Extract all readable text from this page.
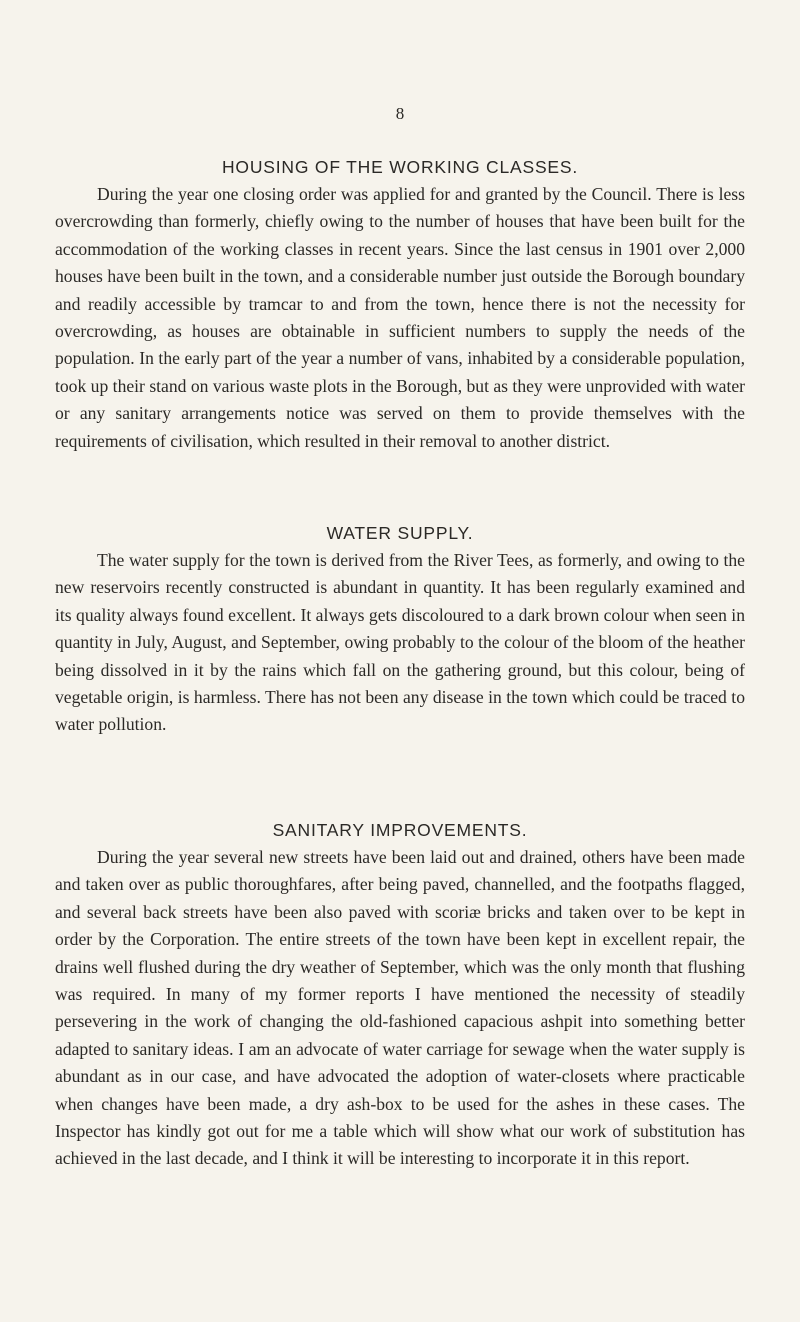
8
HOUSING OF THE WORKING CLASSES.

During the year one closing order was applied for and granted by the Council. There is less overcrowding than formerly, chiefly owing to the number of houses that have been built for the accommodation of the working classes in recent years. Since the last census in 1901 over 2,000 houses have been built in the town, and a considerable number just outside the Borough boundary and readily accessible by tramcar to and from the town, hence there is not the necessity for overcrowding, as houses are obtainable in sufficient numbers to supply the needs of the population. In the early part of the year a number of vans, inhabited by a considerable population, took up their stand on various waste plots in the Borough, but as they were unprovided with water or any sanitary arrangements notice was served on them to provide themselves with the requirements of civilisation, which resulted in their removal to another district.

WATER SUPPLY.

The water supply for the town is derived from the River Tees, as formerly, and owing to the new reservoirs recently constructed is abundant in quantity. It has been regularly examined and its quality always found excellent. It always gets discoloured to a dark brown colour when seen in quantity in July, August, and September, owing probably to the colour of the bloom of the heather being dissolved in it by the rains which fall on the gathering ground, but this colour, being of vegetable origin, is harmless. There has not been any disease in the town which could be traced to water pollution.

SANITARY IMPROVEMENTS.

During the year several new streets have been laid out and drained, others have been made and taken over as public thoroughfares, after being paved, channelled, and the footpaths flagged, and several back streets have been also paved with scoriæ bricks and taken over to be kept in order by the Corporation. The entire streets of the town have been kept in excellent repair, the drains well flushed during the dry weather of September, which was the only month that flushing was required. In many of my former reports I have mentioned the necessity of steadily persevering in the work of changing the old-fashioned capacious ashpit into something better adapted to sanitary ideas. I am an advocate of water carriage for sewage when the water supply is abundant as in our case, and have advocated the adoption of water-closets where practicable when changes have been made, a dry ash-box to be used for the ashes in these cases. The Inspector has kindly got out for me a table which will show what our work of substitution has achieved in the last decade, and I think it will be interesting to incorporate it in this report.
